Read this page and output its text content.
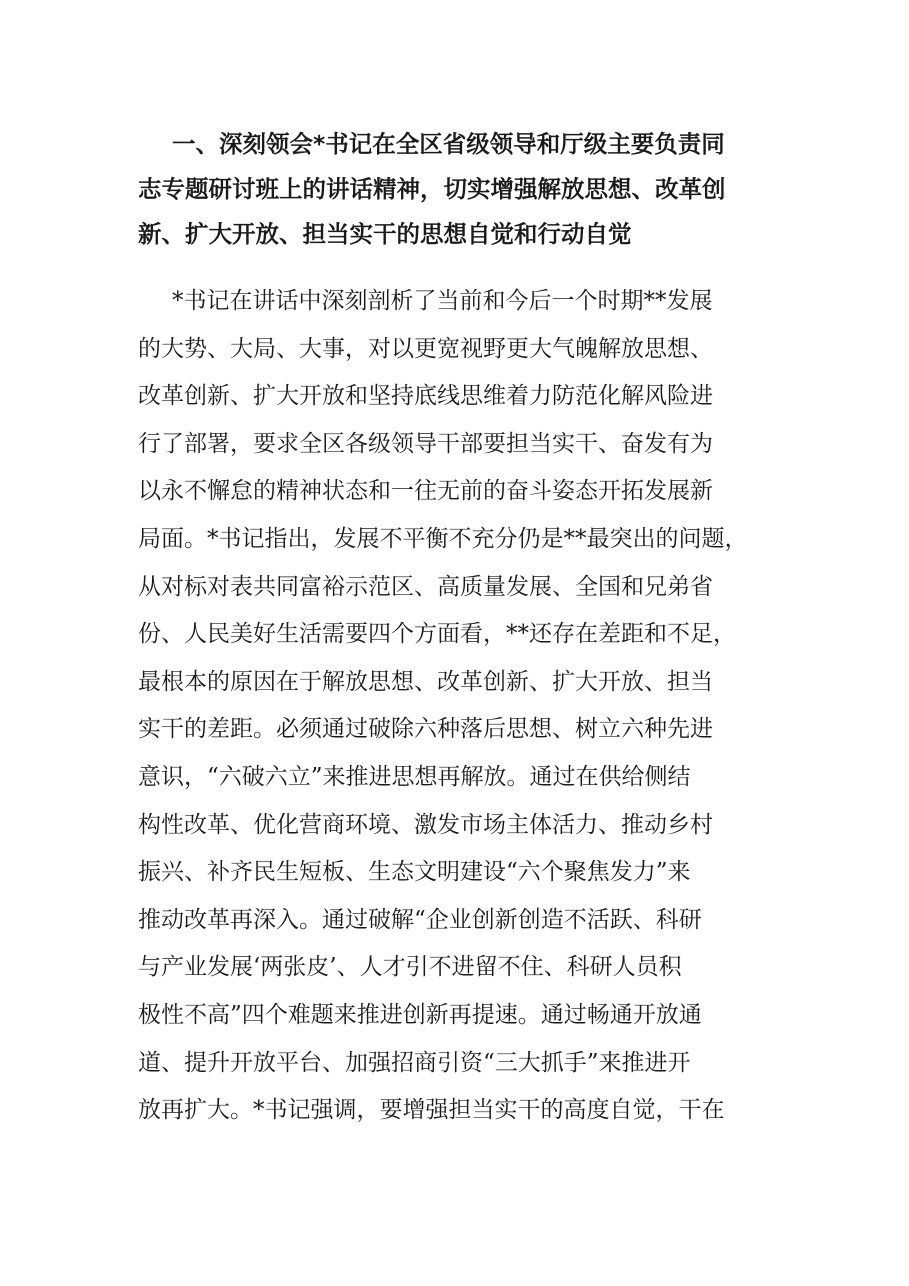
一、深刻领会*书记在全区省级领导和厅级主要负责同
志专题研讨班上的讲话精神，切实增强解放思想、改革创
新、扩大开放、担当实干的思想自觉和行动自觉

*书记在讲话中深刻剖析了当前和今后一个时期**发展
的大势、大局、大事，对以更宽视野更大气魄解放思想、
改革创新、扩大开放和坚持底线思维着力防范化解风险进
行了部署，要求全区各级领导干部要担当实干、奋发有为
以永不懈怠的精神状态和一往无前的奋斗姿态开拓发展新
局面。*书记指出，发展不平衡不充分仍是**最突出的问题，
从对标对表共同富裕示范区、高质量发展、全国和兄弟省
份、人民美好生活需要四个方面看，**还存在差距和不足，
最根本的原因在于解放思想、改革创新、扩大开放、担当
实干的差距。必须通过破除六种落后思想、树立六种先进
意识，“六破六立”来推进思想再解放。通过在供给侧结
构性改革、优化营商环境、激发市场主体活力、推动乡村
振兴、补齐民生短板、生态文明建设“六个聚焦发力”来
推动改革再深入。通过破解“企业创新创造不活跃、科研
与产业发展‘两张皮’、人才引不进留不住、科研人员积
极性不高”四个难题来推进创新再提速。通过畅通开放通
道、提升开放平台、加强招商引资“三大抓手”来推进开
放再扩大。*书记强调，要增强担当实干的高度自觉，干在
